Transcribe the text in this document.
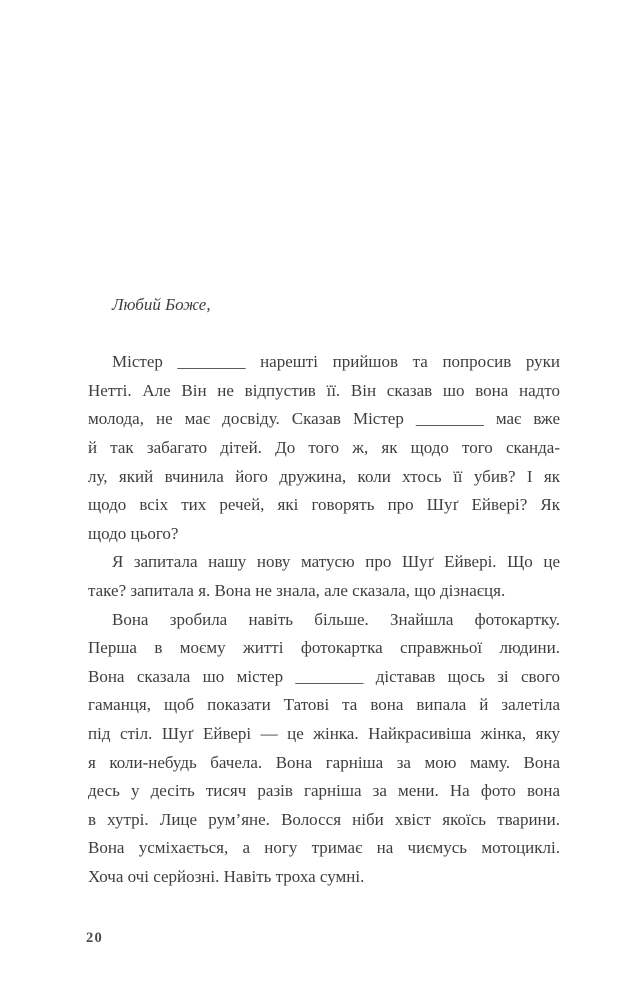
Любий Боже,
Містер ________ нарешті прийшов та попросив руки
Нетті. Але Він не відпустив її. Він сказав шо вона надто
молода, не має досвіду. Сказав Містер ________ має вже
й так забагато дітей. До того ж, як щодо того сканда-
лу, який вчинила його дружина, коли хтось її убив? І як
щодо всіх тих речей, які говорять про Шуґ Ейвері? Як
щодо цього?
Я запитала нашу нову матусю про Шуґ Ейвері. Що це
таке? запитала я. Вона не знала, але сказала, що дізнаєця.
Вона зробила навіть більше. Знайшла фотокартку.
Перша в моєму житті фотокартка справжньої людини.
Вона сказала шо містер ________ діставав щось зі свого
гаманця, щоб показати Татові та вона випала й залетіла
під стіл. Шуґ Ейвері — це жінка. Найкрасивіша жінка, яку
я коли-небудь бачела. Вона гарніша за мою маму. Вона
десь у десіть тисяч разів гарніша за мени. На фото вона
в хутрі. Лице рум’яне. Волосся ніби хвіст якоїсь тварини.
Вона усміхається, а ногу тримає на чиємусь мотоциклі.
Хоча очі серйозні. Навіть троха сумні.
20
